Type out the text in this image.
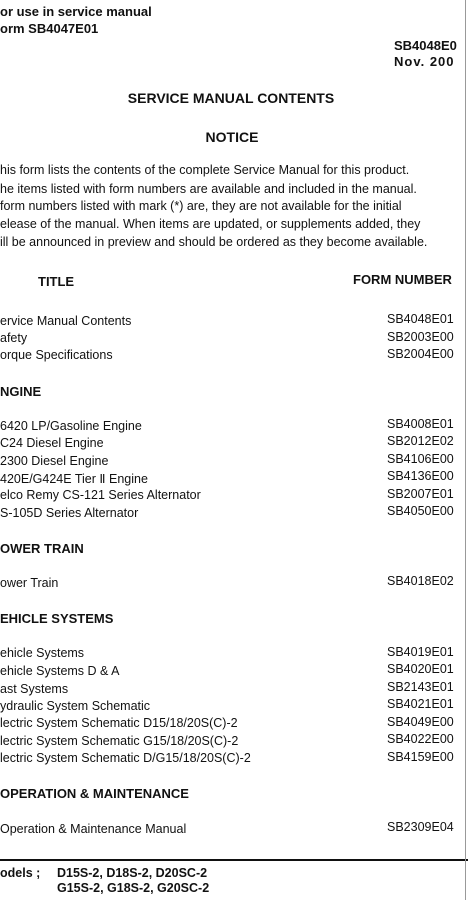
or use in service manual
orm SB4047E01
SB4048E0
Nov. 200
SERVICE MANUAL CONTENTS
NOTICE
his form lists the contents of the complete Service Manual for this product.
he items listed with form numbers are available and included in the manual.
form numbers listed with mark (*) are, they are not available for the initial
elease of the manual. When items are updated, or supplements added, they
ill be announced in preview and should be ordered as they become available.
TITLE	FORM NUMBER
ervice Manual Contents	SB4048E01
afety	SB2003E00
orque Specifications	SB2004E00
NGINE
6420 LP/Gasoline Engine	SB4008E01
C24 Diesel Engine	SB2012E02
2300 Diesel Engine	SB4106E00
420E/G424E Tier Ⅱ Engine	SB4136E00
elco Remy CS-121 Series Alternator	SB2007E01
S-105D Series Alternator	SB4050E00
OWER TRAIN
ower Train	SB4018E02
EHICLE SYSTEMS
ehicle Systems	SB4019E01
ehicle Systems D & A	SB4020E01
ast Systems	SB2143E01
ydraulic System Schematic	SB4021E01
lectric System Schematic D15/18/20S(C)-2	SB4049E00
lectric System Schematic G15/18/20S(C)-2	SB4022E00
lectric System Schematic D/G15/18/20S(C)-2	SB4159E00
OPERATION & MAINTENANCE
Operation & Maintenance Manual	SB2309E04
odels ; D15S-2, D18S-2, D20SC-2
G15S-2, G18S-2, G20SC-2
